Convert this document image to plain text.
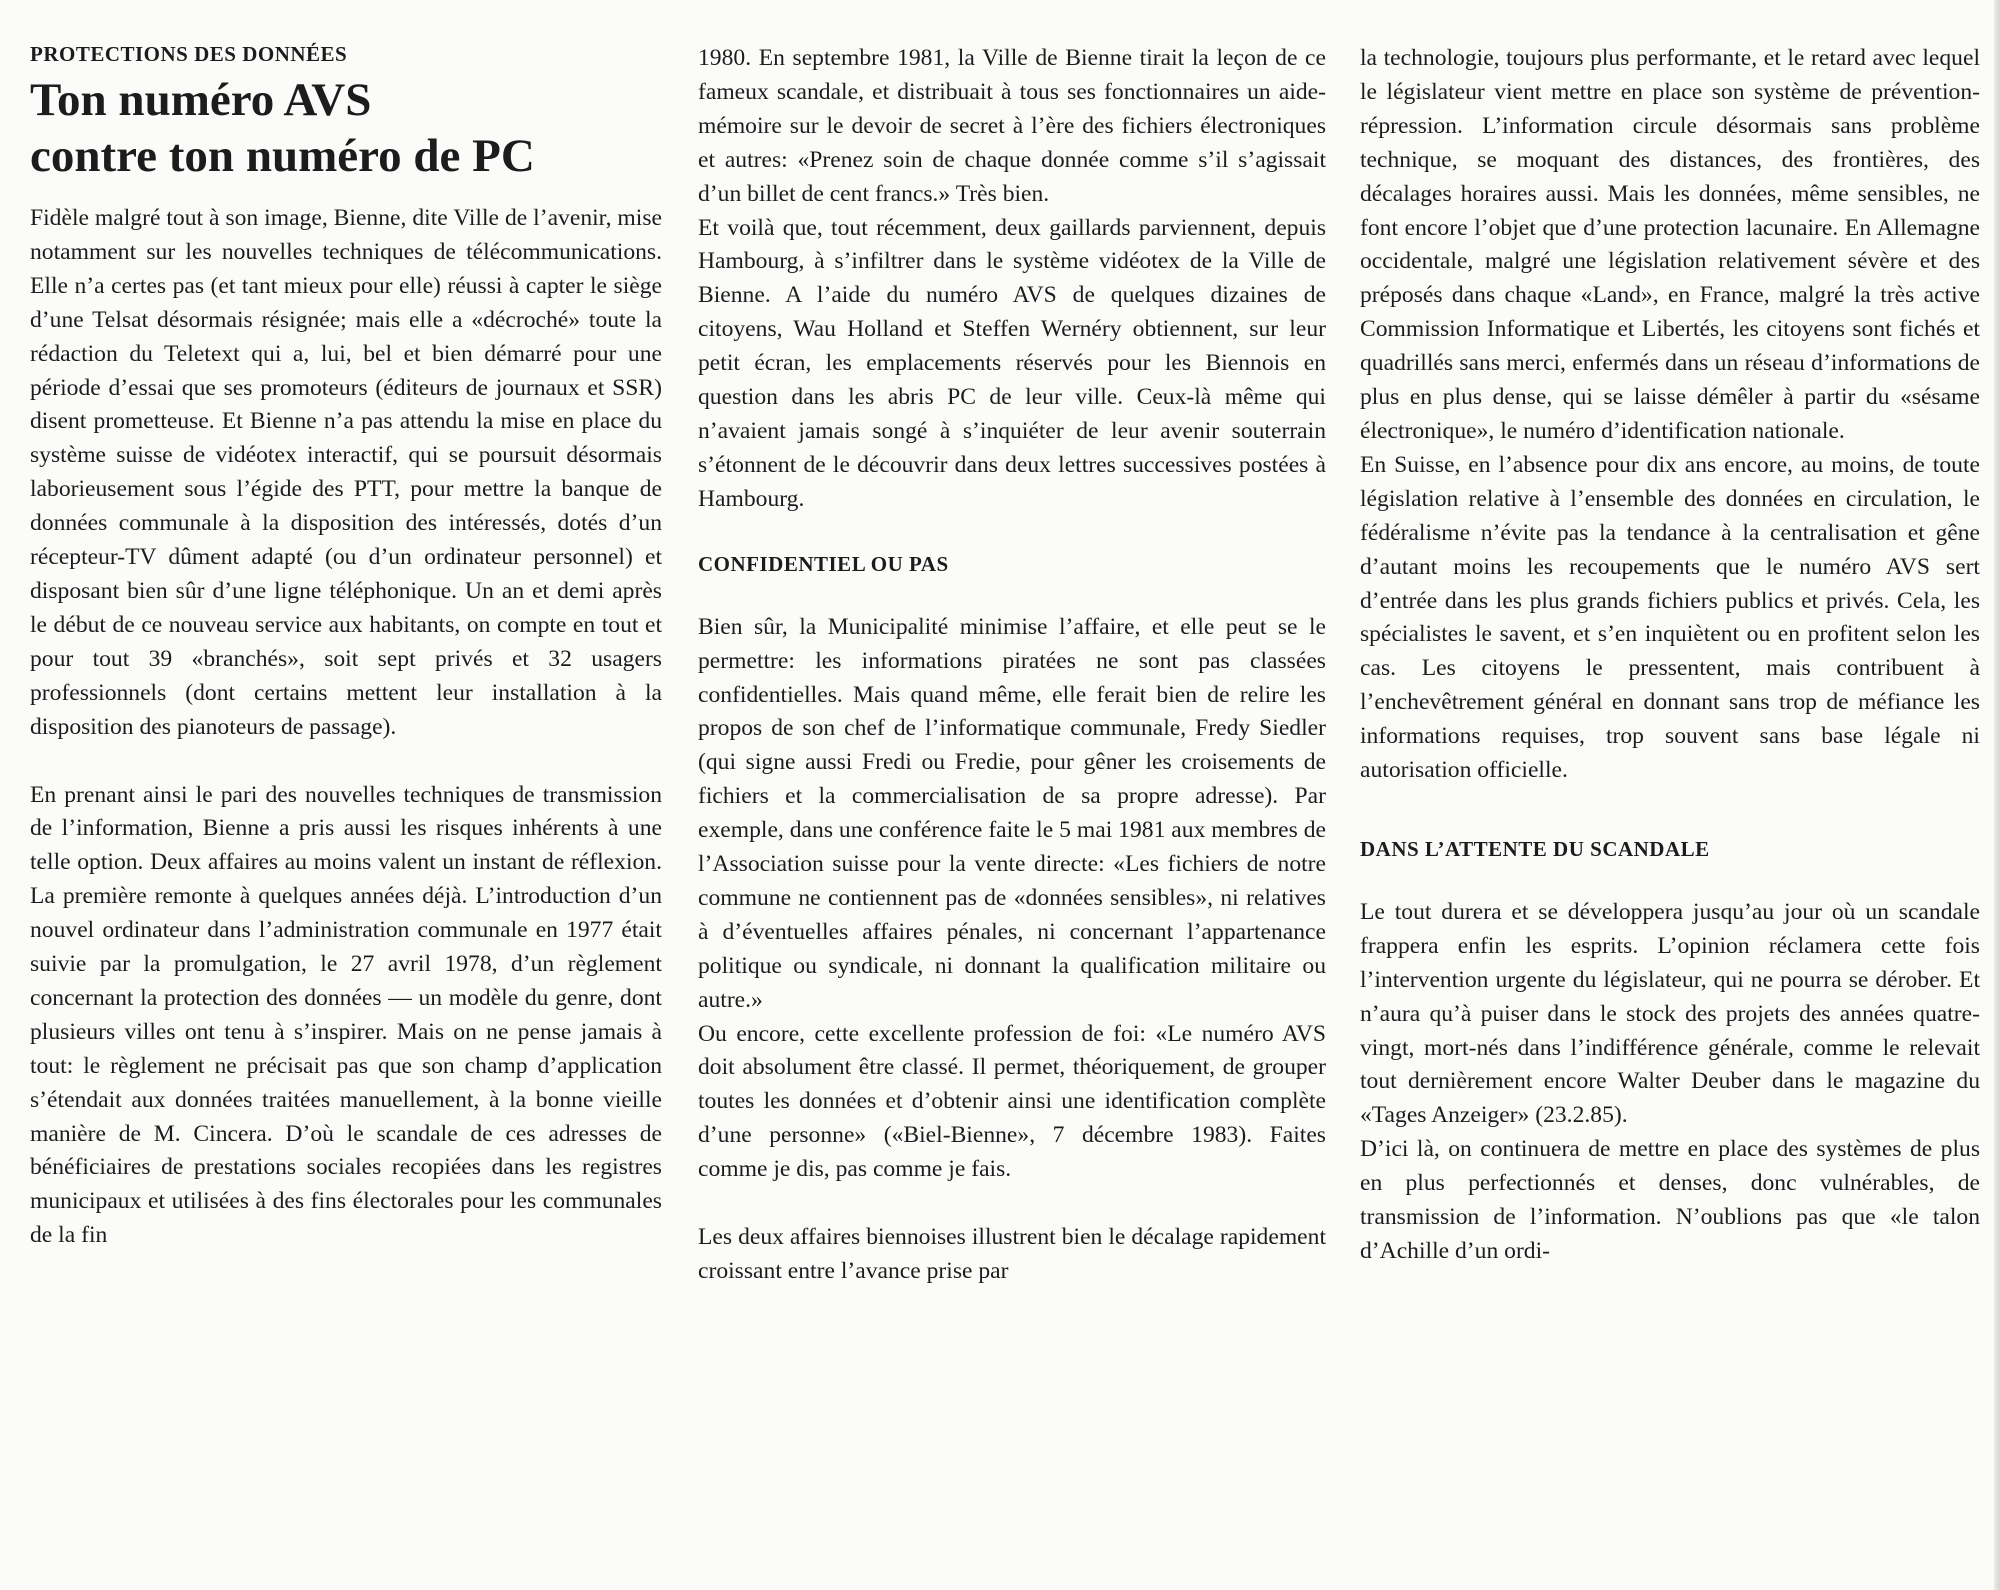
PROTECTIONS DES DONNÉES
Ton numéro AVS
contre ton numéro de PC

Fidèle malgré tout à son image, Bienne, dite Ville de l’avenir, mise notamment sur les nouvelles techniques de télécommunications. Elle n’a certes pas (et tant mieux pour elle) réussi à capter le siège d’une Telsat désormais résignée; mais elle a «décroché» toute la rédaction du Teletext qui a, lui, bel et bien démarré pour une période d’essai que ses promoteurs (éditeurs de journaux et SSR) disent prometteuse. Et Bienne n’a pas attendu la mise en place du système suisse de vidéotex interactif, qui se poursuit désormais laborieusement sous l’égide des PTT, pour mettre la banque de données communale à la disposition des intéressés, dotés d’un récepteur-TV dûment adapté (ou d’un ordinateur personnel) et disposant bien sûr d’une ligne téléphonique. Un an et demi après le début de ce nouveau service aux habitants, on compte en tout et pour tout 39 «branchés», soit sept privés et 32 usagers professionnels (dont certains mettent leur installation à la disposition des pianoteurs de passage).

En prenant ainsi le pari des nouvelles techniques de transmission de l’information, Bienne a pris aussi les risques inhérents à une telle option. Deux affaires au moins valent un instant de réflexion. La première remonte à quelques années déjà. L’introduction d’un nouvel ordinateur dans l’administration communale en 1977 était suivie par la promulgation, le 27 avril 1978, d’un règlement concernant la protection des données — un modèle du genre, dont plusieurs villes ont tenu à s’inspirer. Mais on ne pense jamais à tout: le règlement ne précisait pas que son champ d’application s’étendait aux données traitées manuellement, à la bonne vieille manière de M. Cincera. D’où le scandale de ces adresses de bénéficiaires de prestations sociales recopiées dans les registres municipaux et utilisées à des fins électorales pour les communales de la fin

1980. En septembre 1981, la Ville de Bienne tirait la leçon de ce fameux scandale, et distribuait à tous ses fonctionnaires un aide-mémoire sur le devoir de secret à l’ère des fichiers électroniques et autres: «Prenez soin de chaque donnée comme s’il s’agissait d’un billet de cent francs.» Très bien.

Et voilà que, tout récemment, deux gaillards parviennent, depuis Hambourg, à s’infiltrer dans le système vidéotex de la Ville de Bienne. A l’aide du numéro AVS de quelques dizaines de citoyens, Wau Holland et Steffen Wernéry obtiennent, sur leur petit écran, les emplacements réservés pour les Biennois en question dans les abris PC de leur ville. Ceux-là même qui n’avaient jamais songé à s’inquiéter de leur avenir souterrain s’étonnent de le découvrir dans deux lettres successives postées à Hambourg.

CONFIDENTIEL OU PAS

Bien sûr, la Municipalité minimise l’affaire, et elle peut se le permettre: les informations piratées ne sont pas classées confidentielles. Mais quand même, elle ferait bien de relire les propos de son chef de l’informatique communale, Fredy Siedler (qui signe aussi Fredi ou Fredie, pour gêner les croisements de fichiers et la commercialisation de sa propre adresse). Par exemple, dans une conférence faite le 5 mai 1981 aux membres de l’Association suisse pour la vente directe: «Les fichiers de notre commune ne contiennent pas de «données sensibles», ni relatives à d’éventuelles affaires pénales, ni concernant l’appartenance politique ou syndicale, ni donnant la qualification militaire ou autre.»

Ou encore, cette excellente profession de foi: «Le numéro AVS doit absolument être classé. Il permet, théoriquement, de grouper toutes les données et d’obtenir ainsi une identification complète d’une personne» («Biel-Bienne», 7 décembre 1983). Faites comme je dis, pas comme je fais.

Les deux affaires biennoises illustrent bien le décalage rapidement croissant entre l’avance prise par

la technologie, toujours plus performante, et le retard avec lequel le législateur vient mettre en place son système de prévention-répression. L’information circule désormais sans problème technique, se moquant des distances, des frontières, des décalages horaires aussi. Mais les données, même sensibles, ne font encore l’objet que d’une protection lacunaire. En Allemagne occidentale, malgré une législation relativement sévère et des préposés dans chaque «Land», en France, malgré la très active Commission Informatique et Libertés, les citoyens sont fichés et quadrillés sans merci, enfermés dans un réseau d’informations de plus en plus dense, qui se laisse démêler à partir du «sésame électronique», le numéro d’identification nationale.

En Suisse, en l’absence pour dix ans encore, au moins, de toute législation relative à l’ensemble des données en circulation, le fédéralisme n’évite pas la tendance à la centralisation et gêne d’autant moins les recoupements que le numéro AVS sert d’entrée dans les plus grands fichiers publics et privés. Cela, les spécialistes le savent, et s’en inquiètent ou en profitent selon les cas. Les citoyens le pressentent, mais contribuent à l’enchevêtrement général en donnant sans trop de méfiance les informations requises, trop souvent sans base légale ni autorisation officielle.

DANS L’ATTENTE DU SCANDALE

Le tout durera et se développera jusqu’au jour où un scandale frappera enfin les esprits. L’opinion réclamera cette fois l’intervention urgente du législateur, qui ne pourra se dérober. Et n’aura qu’à puiser dans le stock des projets des années quatre-vingt, mort-nés dans l’indifférence générale, comme le relevait tout dernièrement encore Walter Deuber dans le magazine du «Tages Anzeiger» (23.2.85).

D’ici là, on continuera de mettre en place des systèmes de plus en plus perfectionnés et denses, donc vulnérables, de transmission de l’information. N’oublions pas que «le talon d’Achille d’un ordi-
